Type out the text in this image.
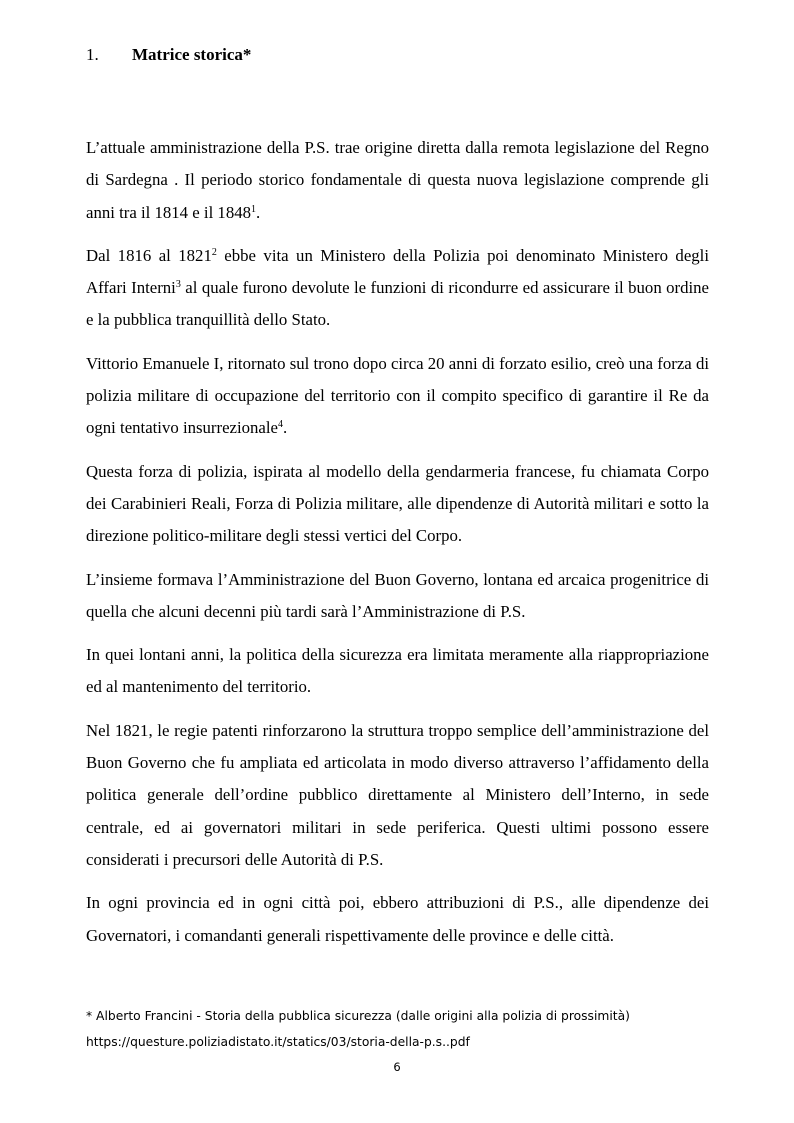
1. Matrice storica*

L’attuale amministrazione della P.S. trae origine diretta dalla remota legislazione del Regno di Sardegna . Il periodo storico fondamentale di questa nuova legislazione comprende gli anni tra il 1814 e il 1848$^1$.

Dal 1816 al 1821$^2$ ebbe vita un Ministero della Polizia poi denominato Ministero degli Affari Interni$^3$ al quale furono devolute le funzioni di ricondurre ed assicurare il buon ordine e la pubblica tranquillità dello Stato.

Vittorio Emanuele I, ritornato sul trono dopo circa 20 anni di forzato esilio, creò una forza di polizia militare di occupazione del territorio con il compito specifico di garantire il Re da ogni tentativo insurrezionale$^4$.

Questa forza di polizia, ispirata al modello della gendarmeria francese, fu chiamata Corpo dei Carabinieri Reali, Forza di Polizia militare, alle dipendenze di Autorità militari e sotto la direzione politico-militare degli stessi vertici del Corpo.

L’insieme formava l’Amministrazione del Buon Governo, lontana ed arcaica progenitrice di quella che alcuni decenni più tardi sarà l’Amministrazione di P.S.

In quei lontani anni, la politica della sicurezza era limitata meramente alla riappropriazione ed al mantenimento del territorio.

Nel 1821, le regie patenti rinforzarono la struttura troppo semplice dell’amministrazione del Buon Governo che fu ampliata ed articolata in modo diverso attraverso l’affidamento della politica generale dell’ordine pubblico direttamente al Ministero dell’Interno, in sede centrale, ed ai governatori militari in sede periferica. Questi ultimi possono essere considerati i precursori delle Autorità di P.S.

In ogni provincia ed in ogni città poi, ebbero attribuzioni di P.S., alle dipendenze dei Governatori, i comandanti generali rispettivamente delle province e delle città.

* Alberto Francini - Storia della pubblica sicurezza (dalle origini alla polizia di prossimità)
https://questure.poliziadistato.it/statics/03/storia-della-p.s..pdf
6
